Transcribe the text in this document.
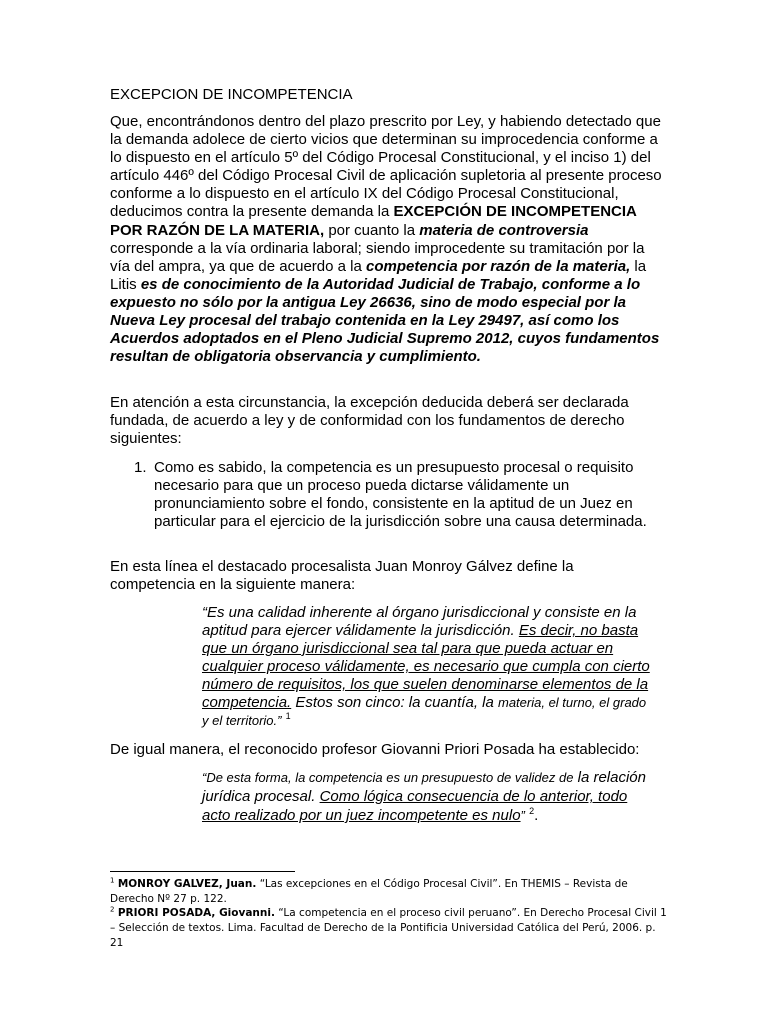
EXCEPCION DE INCOMPETENCIA

Que, encontrándonos dentro del plazo prescrito por Ley, y habiendo detectado que la demanda adolece de cierto vicios que determinan su improcedencia conforme a lo dispuesto en el artículo 5º del Código Procesal Constitucional, y el inciso 1) del artículo 446º del Código Procesal Civil de aplicación supletoria al presente proceso conforme a lo dispuesto en el artículo IX del Código Procesal Constitucional, deducimos contra la presente demanda la EXCEPCIÓN DE INCOMPETENCIA POR RAZÓN DE LA MATERIA, por cuanto la materia de controversia corresponde a la vía ordinaria laboral; siendo improcedente su tramitación por la vía del ampra, ya que de acuerdo a la competencia por razón de la materia, la Litis es de conocimiento de la Autoridad Judicial de Trabajo, conforme a lo expuesto no sólo por la antigua Ley 26636, sino de modo especial por la Nueva Ley procesal del trabajo contenida en la Ley 29497, así como los Acuerdos adoptados en el Pleno Judicial Supremo 2012, cuyos fundamentos resultan de obligatoria observancia y cumplimiento.

En atención a esta circunstancia, la excepción deducida deberá ser declarada fundada, de acuerdo a ley y de conformidad con los fundamentos de derecho siguientes:

1. Como es sabido, la competencia es un presupuesto procesal o requisito necesario para que un proceso pueda dictarse válidamente un pronunciamiento sobre el fondo, consistente en la aptitud de un Juez en particular para el ejercicio de la jurisdicción sobre una causa determinada.

En esta línea el destacado procesalista Juan Monroy Gálvez define la competencia en la siguiente manera:

“Es una calidad inherente al órgano jurisdiccional y consiste en la aptitud para ejercer válidamente la jurisdicción. Es decir, no basta que un órgano jurisdiccional sea tal para que pueda actuar en cualquier proceso válidamente, es necesario que cumpla con cierto número de requisitos, los que suelen denominarse elementos de la competencia. Estos son cinco: la cuantía, la materia, el turno, el grado y el territorio.” $^1$

De igual manera, el reconocido profesor Giovanni Priori Posada ha establecido:

“De esta forma, la competencia es un presupuesto de validez de la relación jurídica procesal. Como lógica consecuencia de lo anterior, todo acto realizado por un juez incompetente es nulo” $^2$.

$^1$ MONROY GALVEZ, Juan. “Las excepciones en el Código Procesal Civil”. En THEMIS – Revista de Derecho Nº 27 p. 122.
$^2$ PRIORI POSADA, Giovanni. “La competencia en el proceso civil peruano”. En Derecho Procesal Civil 1 – Selección de textos. Lima. Facultad de Derecho de la Pontificia Universidad Católica del Perú, 2006. p. 21
